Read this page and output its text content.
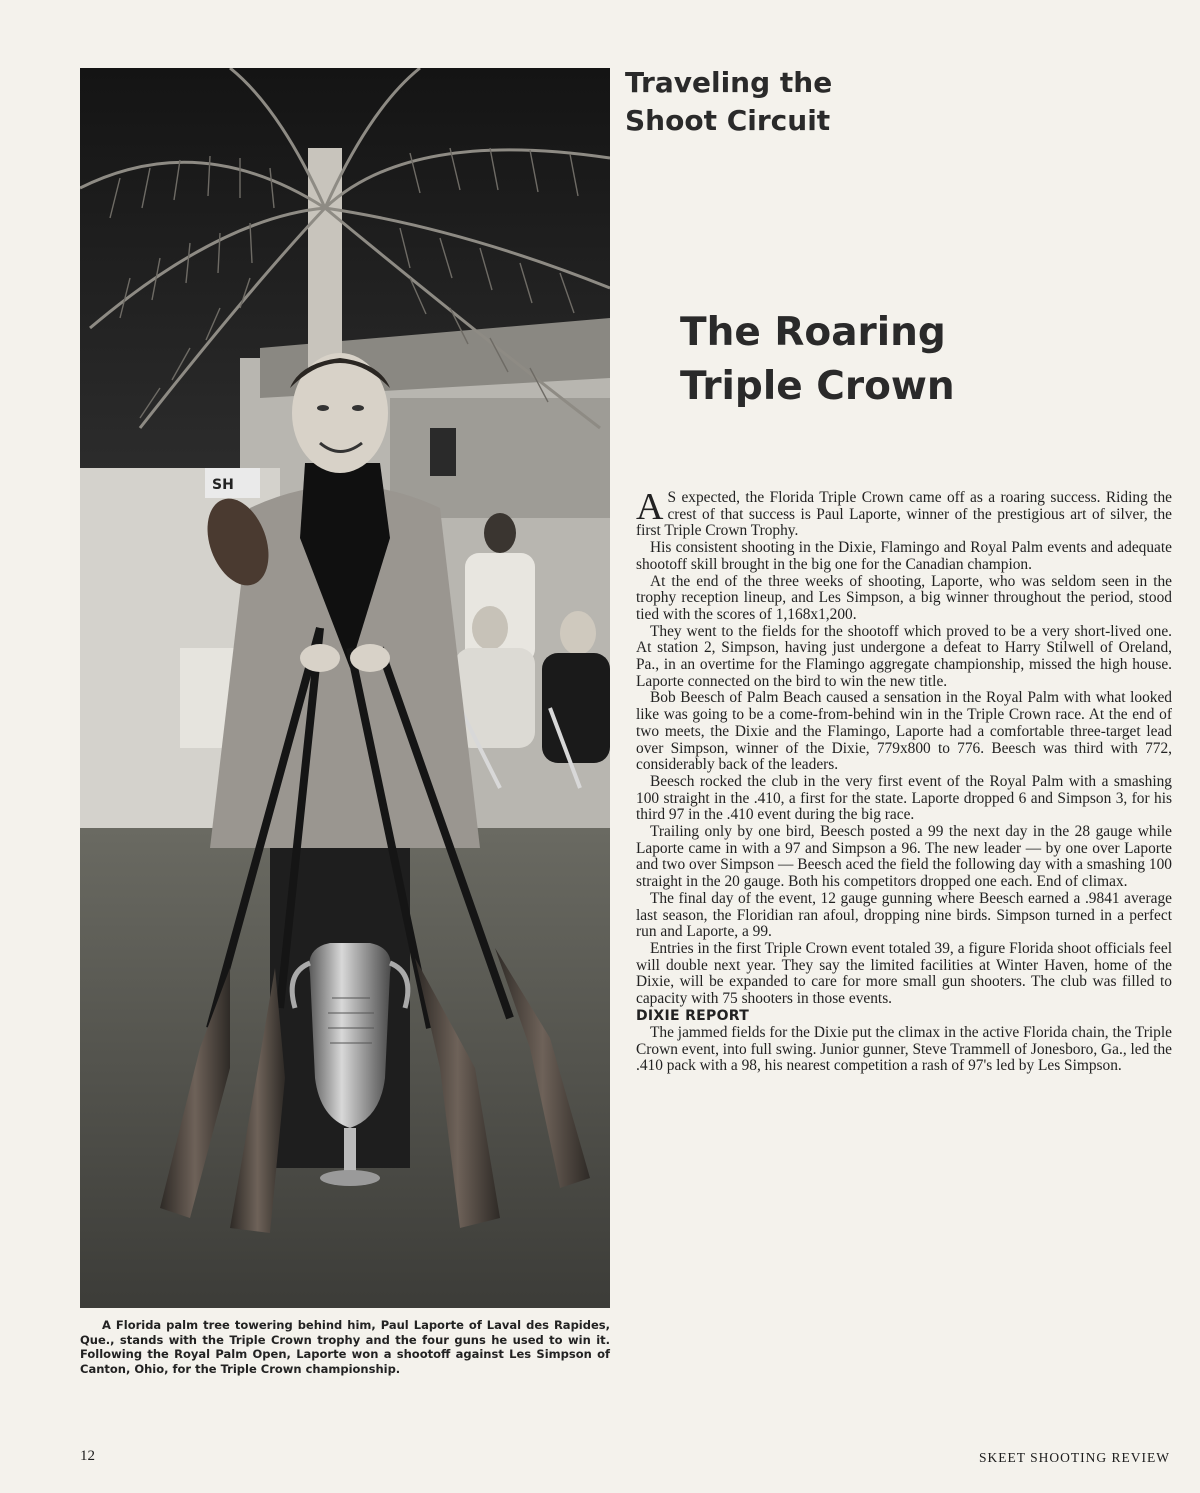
SH
A Florida palm tree towering behind him, Paul Laporte of Laval des Rapides, Que., stands with the Triple Crown trophy and the four guns he used to win it. Following the Royal Palm Open, Laporte won a shootoff against Les Simpson of Canton, Ohio, for the Triple Crown championship.
Traveling the
Shoot Circuit
The Roaring
Triple Crown

A S expected, the Florida Triple Crown came off as a roaring success. Riding the crest of that success is Paul Laporte, winner of the prestigious art of silver, the first Triple Crown Trophy.

His consistent shooting in the Dixie, Flamingo and Royal Palm events and adequate shootoff skill brought in the big one for the Canadian champion.

At the end of the three weeks of shooting, Laporte, who was seldom seen in the trophy reception lineup, and Les Simpson, a big winner throughout the period, stood tied with the scores of 1,168x1,200.

They went to the fields for the shootoff which proved to be a very short-lived one. At station 2, Simpson, having just undergone a defeat to Harry Stilwell of Oreland, Pa., in an overtime for the Flamingo aggregate championship, missed the high house. Laporte connected on the bird to win the new title.

Bob Beesch of Palm Beach caused a sensation in the Royal Palm with what looked like was going to be a come-from-behind win in the Triple Crown race. At the end of two meets, the Dixie and the Flamingo, Laporte had a comfortable three-target lead over Simpson, winner of the Dixie, 779x800 to 776. Beesch was third with 772, considerably back of the leaders.

Beesch rocked the club in the very first event of the Royal Palm with a smashing 100 straight in the .410, a first for the state. Laporte dropped 6 and Simpson 3, for his third 97 in the .410 event during the big race.

Trailing only by one bird, Beesch posted a 99 the next day in the 28 gauge while Laporte came in with a 97 and Simpson a 96. The new leader — by one over Laporte and two over Simpson — Beesch aced the field the following day with a smashing 100 straight in the 20 gauge. Both his competitors dropped one each. End of climax.

The final day of the event, 12 gauge gunning where Beesch earned a .9841 average last season, the Floridian ran afoul, dropping nine birds. Simpson turned in a perfect run and Laporte, a 99.

Entries in the first Triple Crown event totaled 39, a figure Florida shoot officials feel will double next year. They say the limited facilities at Winter Haven, home of the Dixie, will be expanded to care for more small gun shooters. The club was filled to capacity with 75 shooters in those events.

DIXIE REPORT

The jammed fields for the Dixie put the climax in the active Florida chain, the Triple Crown event, into full swing. Junior gunner, Steve Trammell of Jonesboro, Ga., led the .410 pack with a 98, his nearest competition a rash of 97's led by Les Simpson.

12	SKEET SHOOTING REVIEW
